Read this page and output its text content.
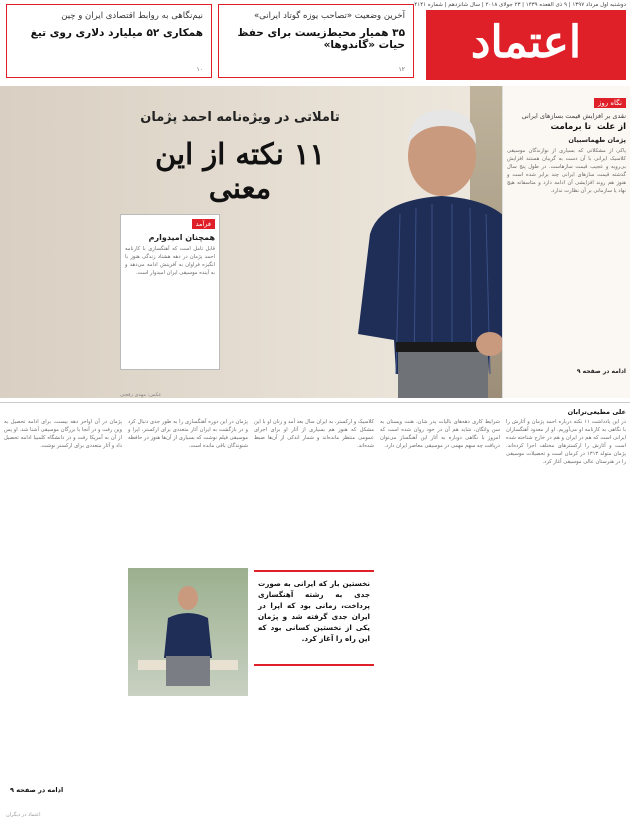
دوشنبه اول مرداد ۱۳۹۷ | ۹ ذی القعده ۱۴۳۹ | ۲۳ جولای ۲۰۱۸ | سال شانزدهم | شماره ۴۱۴۱
اعتماد
۷
آخرین وضعیت «تصاحب یوزه گوتاد ایرانی»
۳۵ همیار محیط‌زیست برای حفظ حیات «گاندوها»
۱۲
نیم‌نگاهی به روابط اقتصادی ایران و چین
همکاری ۵۲ میلیارد دلاری روی تیغ
۱۰
نگاه روز
نقدی بر افزایش قیمت بسازهای ایرانی
از علت‌ ‌ ‌تا برمامت
پژمان طهماسبیان
پاکی از مشکلاتی که بسیاری از نوازندگان موسیقی کلاسیک ایرانی با آن دست به گریبان هستند افزایش بی‌رویه و عجیب قیمت سازهاست. در طول پنج سال گذشته قیمت سازهای ایرانی چند برابر شده است و هنوز هم روند افزایشی آن ادامه دارد و متاسفانه هیچ نهاد یا سازمانی بر آن نظارت ندارد.
ادامه در صفحه ۹
تاملاتی در ویژه‌نامه احمد پژمان
۱۱ نکته از این معنی
فرآمد
همچنان امیدوارم
قابل تامل است که آهنگسازی با کارنامه احمد پژمان در دهه هشتاد زندگی هنوز با انگیزه فراوان به آفرینش ادامه می‌دهد و به آینده موسیقی ایران امیدوار است.
عکس: مهدی رفعتی
علی مطیعی‌ترابان
در این یادداشت ۱۱ نکته درباره احمد پژمان و آثارش را با نگاهی به کارنامه او می‌آوریم. او از معدود آهنگسازان ایرانی است که هم در ایران و هم در خارج شناخته شده است و آثارش را ارکسترهای مختلف اجرا کرده‌اند. پژمان متولد ۱۳۱۳ در کرمان است و تحصیلات موسیقی را در هنرستان عالی موسیقی آغاز کرد.
شرایط کاری دهه‌های بالیات پدر شان، هنت ویستان‌ به‌ سن ‌واتگان، شاید هم آن در خود روان شده است که امروز با نگاهی دوباره به آثار این آهنگساز می‌توان دریافت چه سهم مهمی در موسیقی معاصر ایران دارد.
کلاسیک و ارکستر، به ایران سال بعد آمد و زنان او با این مشکل که هنوز هم بسیاری از آثار او برای اجرای عمومی منتظر مانده‌اند و شمار اندکی از آن‌ها ضبط شده‌اند.
پژمان در این دوره آهنگسازی را به طور جدی دنبال کرد و در بازگشت به ایران آثار متعددی برای ارکستر، اپرا و موسیقی فیلم نوشت که بسیاری از آن‌ها هنوز در حافظه شنوندگان باقی مانده است.
پژمان در آن اواخر دهه بیست، برای ادامه تحصیل به وین رفت و در آنجا با بزرگان موسیقی آشنا شد. او پس از آن به آمریکا رفت و در دانشگاه کلمبیا ادامه تحصیل داد و آثار متعددی برای ارکستر نوشت.
نخستین بار که ایرانی به صورت جدی به رشته آهنگسازی پرداخت، زمانی بود که اپرا در ایران جدی گرفته شد و پژمان یکی از نخستین کسانی بود که این راه را آغاز کرد.
ادامه در صفحه ۹
اعتماد در دیگران
